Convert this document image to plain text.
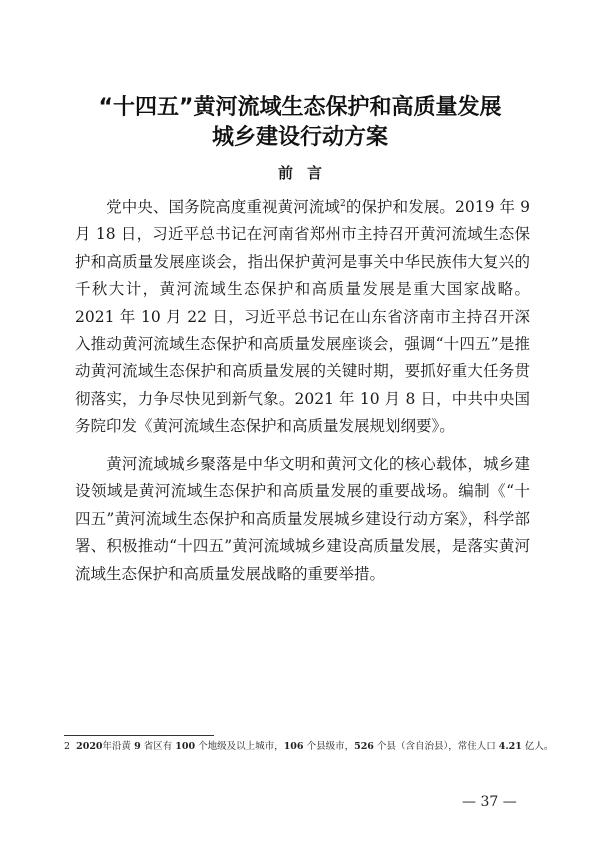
“十四五”黄河流域生态保护和高质量发展
城乡建设行动方案
前言

党中央、国务院高度重视黄河流域$^2$的保护和发展。2019 年 9 月 18 日，习近平总书记在河南省郑州市主持召开黄河流域生态保护和高质量发展座谈会，指出保护黄河是事关中华民族伟大复兴的千秋大计，黄河流域生态保护和高质量发展是重大国家战略。2021 年 10 月 22 日，习近平总书记在山东省济南市主持召开深入推动黄河流域生态保护和高质量发展座谈会，强调“十四五”是推动黄河流域生态保护和高质量发展的关键时期，要抓好重大任务贯彻落实，力争尽快见到新气象。2021 年 10 月 8 日，中共中央国务院印发《黄河流域生态保护和高质量发展规划纲要》。

黄河流域城乡聚落是中华文明和黄河文化的核心载体，城乡建设领域是黄河流域生态保护和高质量发展的重要战场。编制《“十四五”黄河流域生态保护和高质量发展城乡建设行动方案》，科学部署、积极推动“十四五”黄河流域城乡建设高质量发展，是落实黄河流域生态保护和高质量发展战略的重要举措。

2 2020年沿黄 9 省区有 100 个地级及以上城市，106 个县级市，526 个县（含自治县），常住人口 4.21 亿人。
— 37 —
